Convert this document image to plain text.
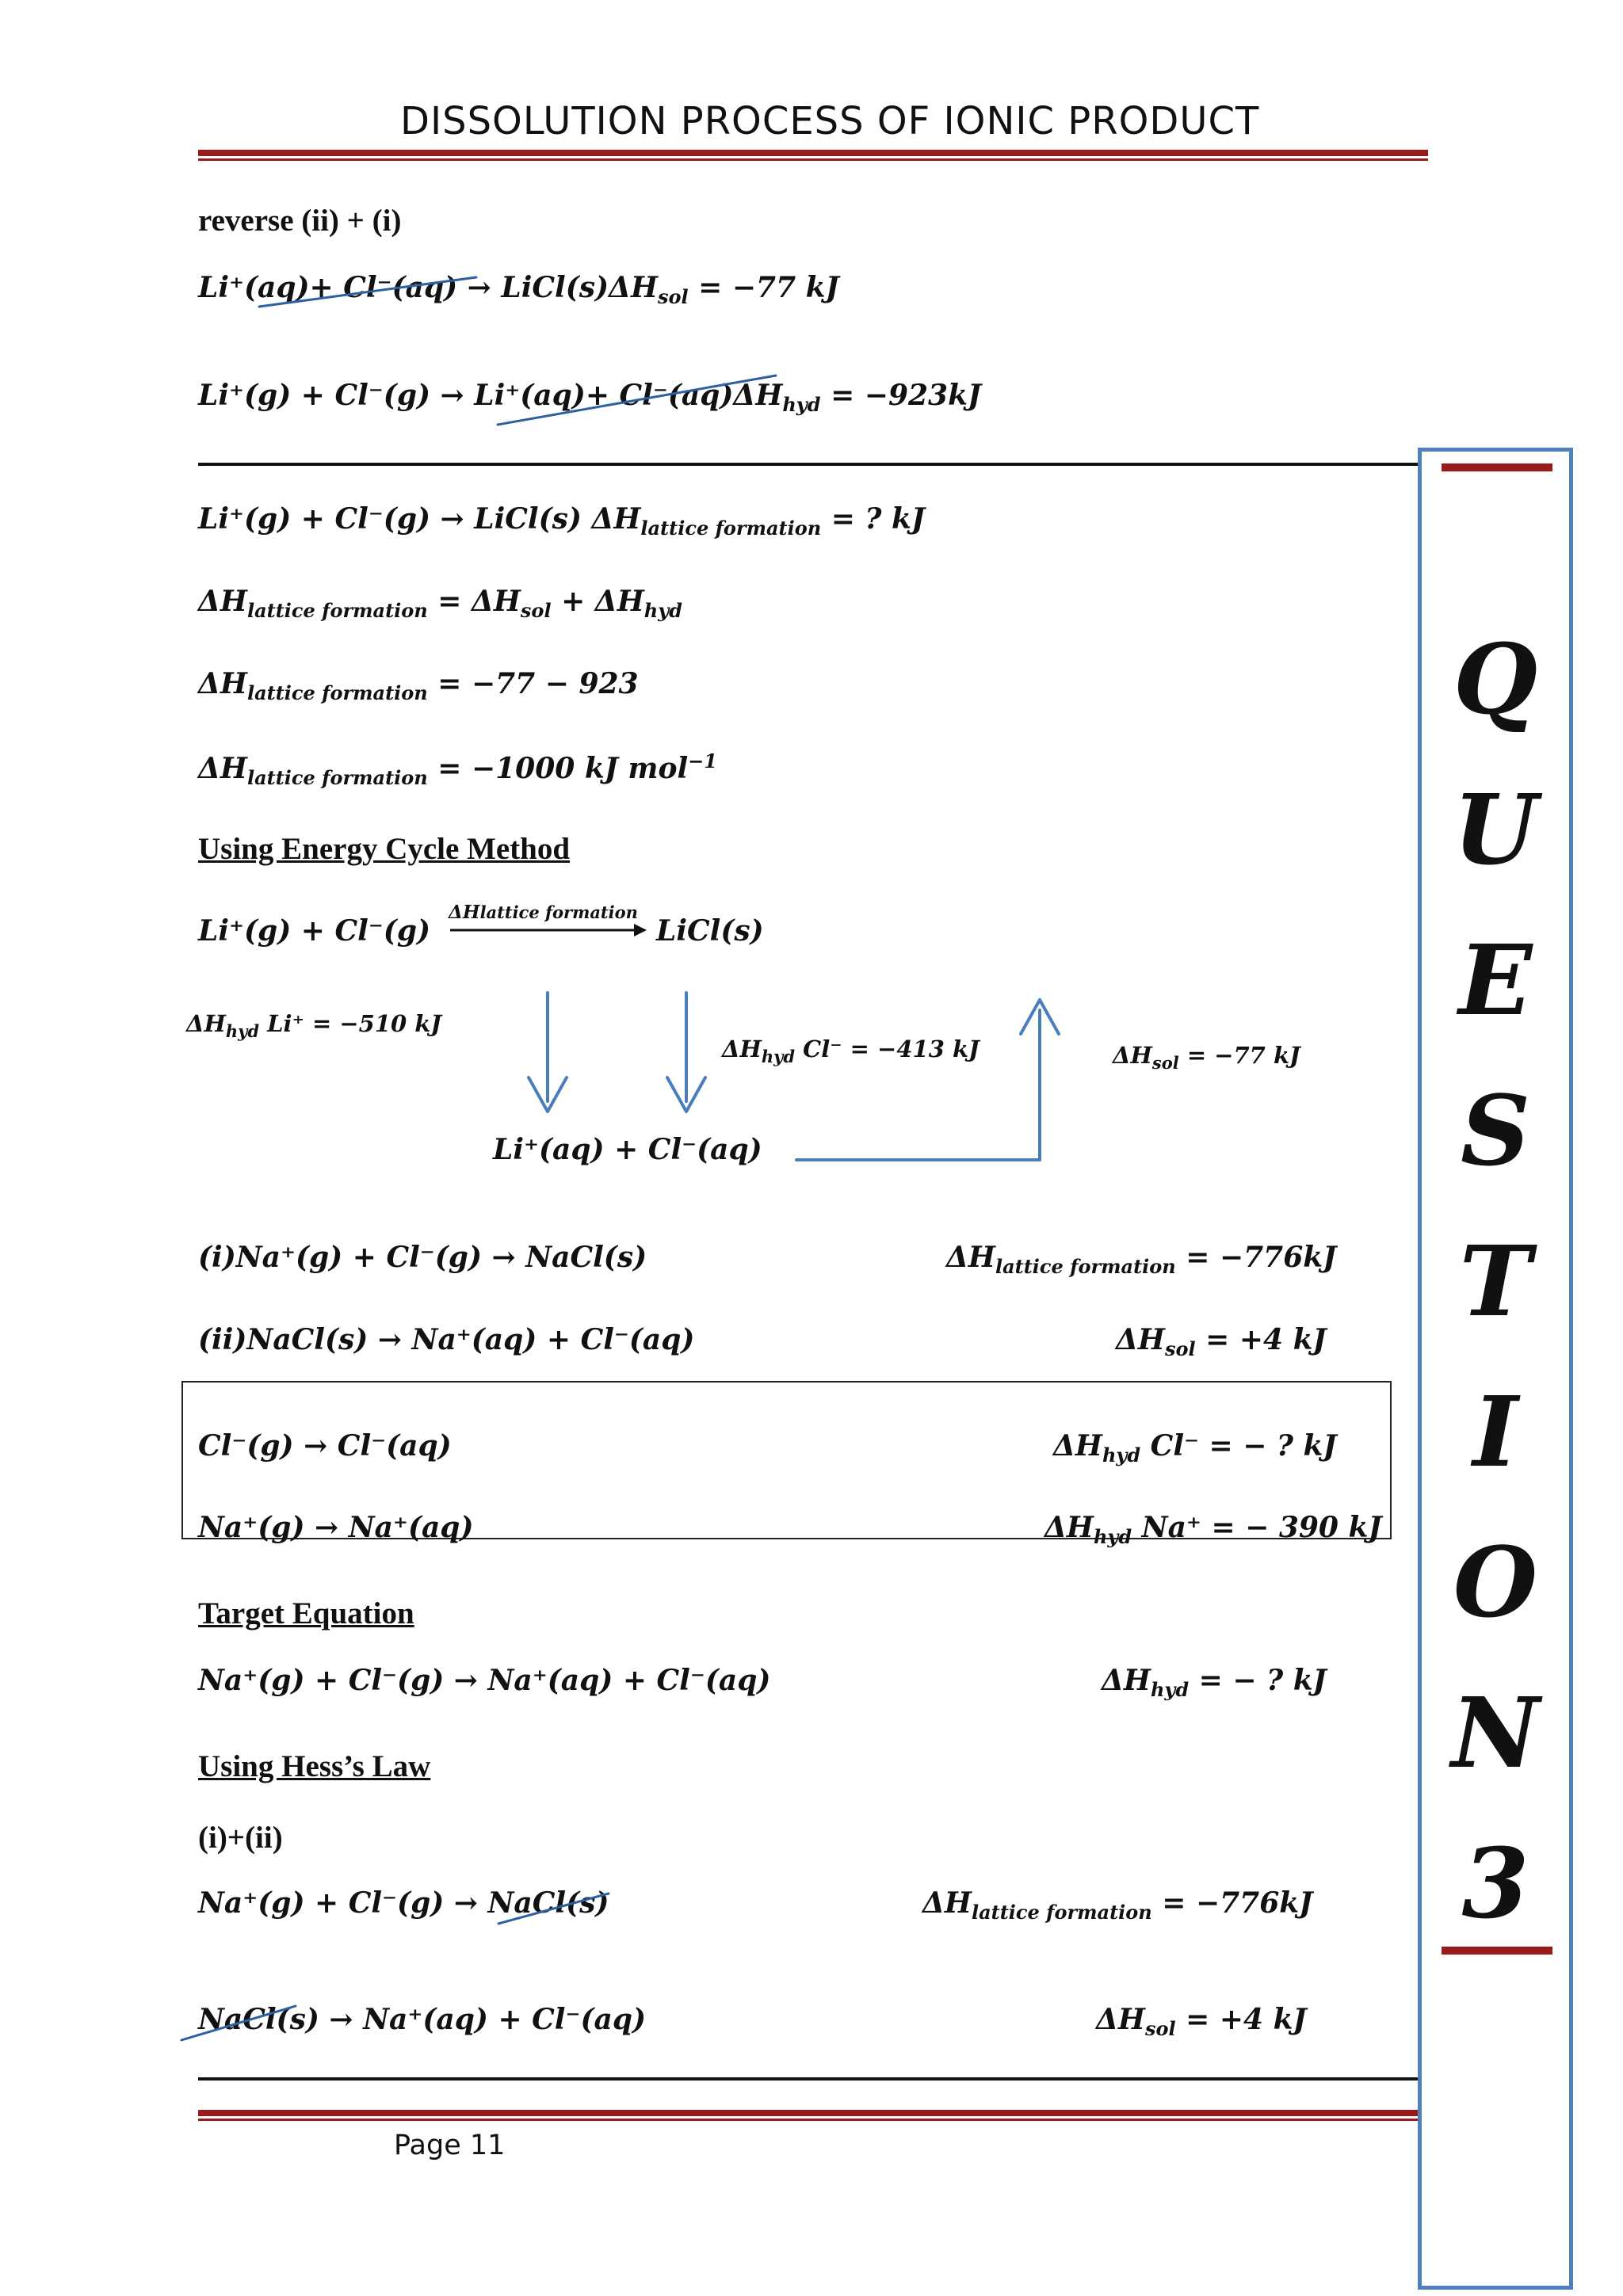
DISSOLUTION PROCESS OF IONIC PRODUCT
reverse (ii) + (i)
$Li^+(aq)+ Cl^-(aq) \to LiCl(s)\Delta H_{sol} = -77$ kJ
$Li^+(g) + Cl^-(g) \to Li^+(aq)+ Cl^-(aq)\Delta H_{hyd} = -923kJ$
Li⁺(g) + Cl⁻(g) → LiCl(s) $\Delta H_{lattice formation}$ = ? kJ
$\Delta H_{lattice formation} = \Delta H_{sol} + \Delta H_{hyd}$
$\Delta H_{lattice formation} = -77 - 923$
$\Delta H_{lattice formation} = -1000$ kJ mol$^{-1}$
Using Energy Cycle Method
Li⁺(g) + Cl⁻(g)
ΔHlattice formation
LiCl(s)
$\Delta H_{hyd}$ Li⁺ = −510 kJ
$\Delta H_{hyd}$ Cl⁻ = −413 kJ	$\Delta H_{sol} = -77$ kJ
Li⁺(aq) + Cl⁻(aq)
(i)Na⁺(g) + Cl⁻(g) → NaCl(s)	$\Delta H_{lattice formation} = -776kJ$
(ii)NaCl(s) → Na⁺(aq) + Cl⁻(aq)	$\Delta H_{sol} = +4$ kJ
Cl⁻(g) → Cl⁻(aq)	$\Delta H_{hyd}$ Cl⁻ = − ? kJ
Na⁺(g) → Na⁺(aq)	$\Delta H_{hyd}$ Na⁺ = − 390 kJ
Target Equation
Na⁺(g) + Cl⁻(g) → Na⁺(aq) + Cl⁻(aq)	$\Delta H_{hyd}$ = − ? kJ
Using Hess’s Law
(i)+(ii)
Na⁺(g) + Cl⁻(g) → NaCl(s)	$\Delta H_{lattice formation} = -776kJ$
NaCl(s) → Na⁺(aq) + Cl⁻(aq)	$\Delta H_{sol} = +4$ kJ
Page 11
Q
U
E
S
T
I
O
N
3
